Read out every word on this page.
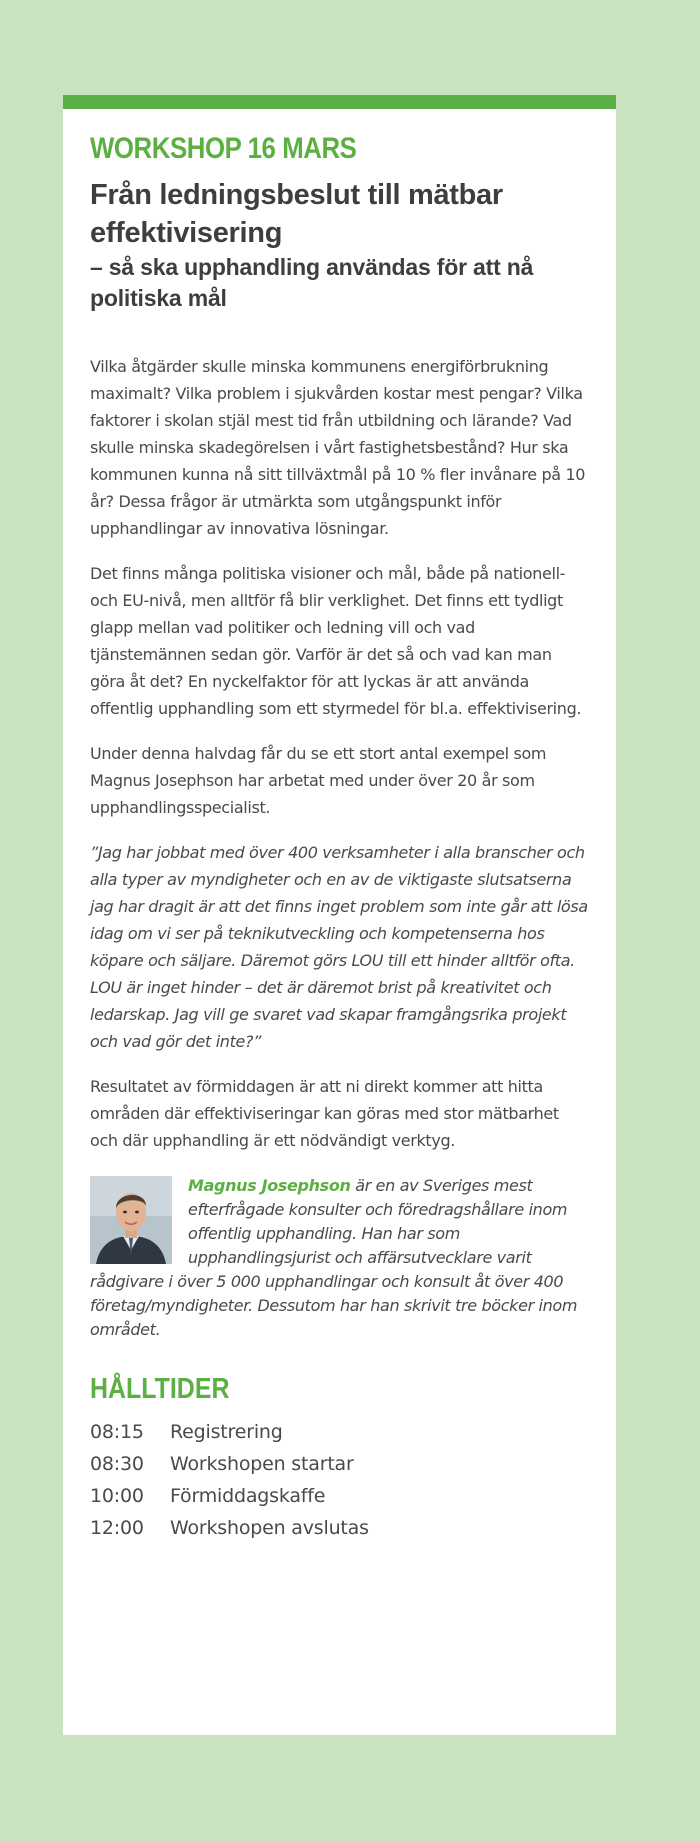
WORKSHOP 16 MARS
Från ledningsbeslut till mätbar effektivisering
– så ska upphandling användas för att nå politiska mål

Vilka åtgärder skulle minska kommunens energiförbrukning maximalt? Vilka problem i sjukvården kostar mest pengar? Vilka faktorer i skolan stjäl mest tid från utbildning och lärande? Vad skulle minska skadegörelsen i vårt fastighetsbestånd? Hur ska kommunen kunna nå sitt tillväxtmål på 10 % fler invånare på 10 år? Dessa frågor är utmärkta som utgångspunkt inför upphandlingar av innovativa lösningar.

Det finns många politiska visioner och mål, både på nationell- och EU-nivå, men alltför få blir verklighet. Det finns ett tydligt glapp mellan vad politiker och ledning vill och vad tjänstemännen sedan gör. Varför är det så och vad kan man göra åt det? En nyckelfaktor för att lyckas är att använda offentlig upphandling som ett styrmedel för bl.a. effektivisering.

Under denna halvdag får du se ett stort antal exempel som Magnus Josephson har arbetat med under över 20 år som upphandlingsspecialist.

”Jag har jobbat med över 400 verksamheter i alla branscher och alla typer av myndigheter och en av de viktigaste slutsatserna jag har dragit är att det finns inget problem som inte går att lösa idag om vi ser på teknikutveckling och kompetenserna hos köpare och säljare. Däremot görs LOU till ett hinder alltför ofta. LOU är inget hinder – det är däremot brist på kreativitet och ledarskap. Jag vill ge svaret vad skapar framgångsrika projekt och vad gör det inte?”

Resultatet av förmiddagen är att ni direkt kommer att hitta områden där effektiviseringar kan göras med stor mätbarhet och där upphandling är ett nödvändigt verktyg.

Magnus Josephson är en av Sveriges mest efterfrågade konsulter och föredragshållare inom offentlig upphandling. Han har som upphandlingsjurist och affärsutvecklare varit rådgivare i över 5 000 upphandlingar och konsult åt över 400 företag/myndigheter. Dessutom har han skrivit tre böcker inom området.
HÅLLTIDER
08:15	Registrering
08:30	Workshopen startar
10:00	Förmiddagskaffe
12:00	Workshopen avslutas
